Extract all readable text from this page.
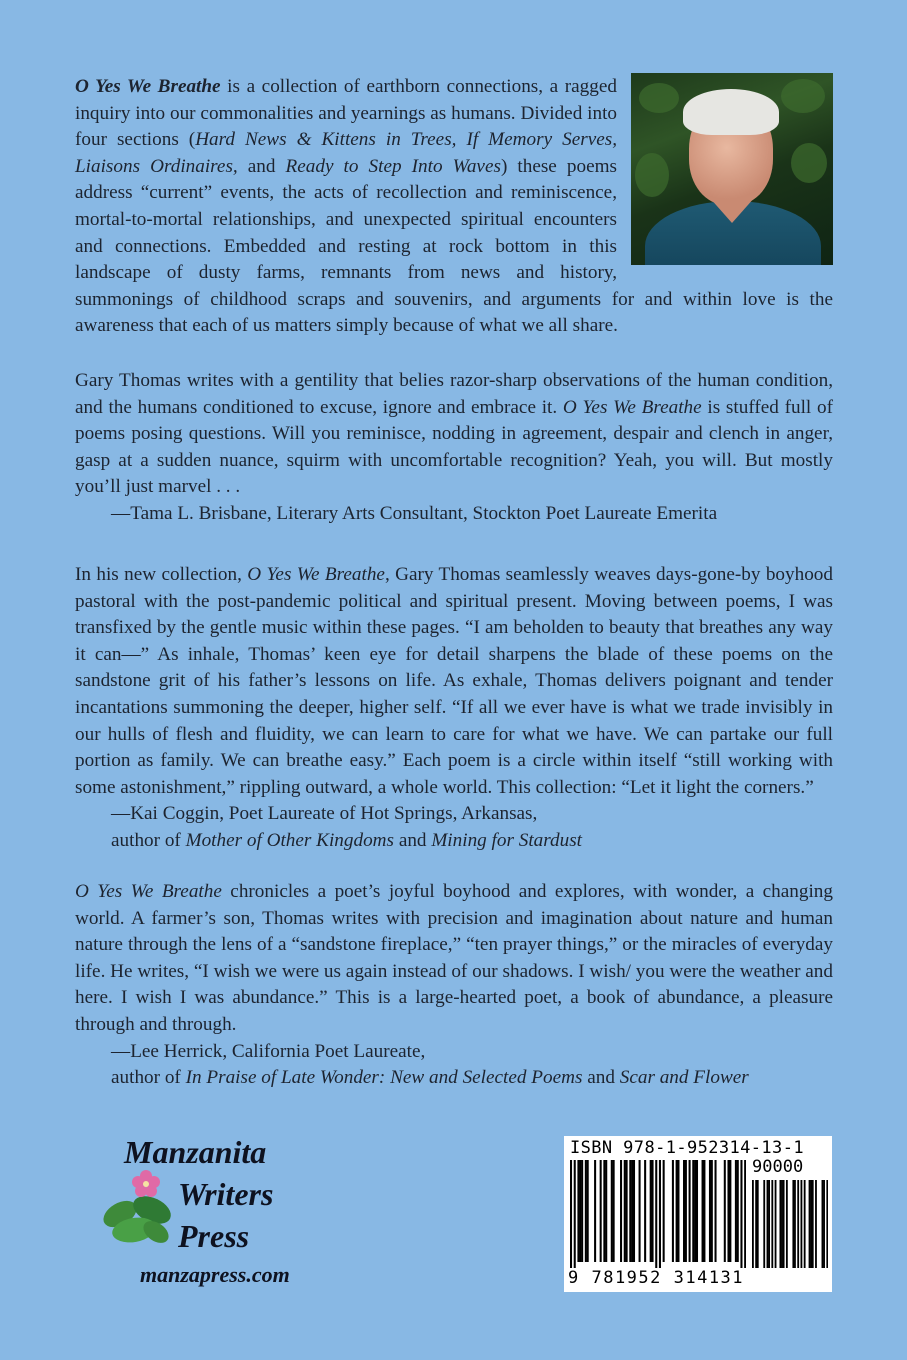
O Yes We Breathe is a collection of earthborn connections, a ragged inquiry into our commonalities and yearnings as humans. Divided into four sections (Hard News & Kittens in Trees, If Memory Serves, Liaisons Ordinaires, and Ready to Step Into Waves) these poems address “current” events, the acts of recollection and reminiscence, mortal-to-mortal relationships, and unexpected spiritual encounters and connections. Embedded and resting at rock bottom in this landscape of dusty farms, remnants from news and history, summonings of childhood scraps and souvenirs, and arguments for and within love is the awareness that each of us matters simply because of what we all share.

Gary Thomas writes with a gentility that belies razor-sharp observations of the human condition, and the humans conditioned to excuse, ignore and embrace it. O Yes We Breathe is stuffed full of poems posing questions. Will you reminisce, nodding in agreement, despair and clench in anger, gasp at a sudden nuance, squirm with uncomfortable recognition? Yeah, you will. But mostly you’ll just marvel . . .

—Tama L. Brisbane, Literary Arts Consultant, Stockton Poet Laureate Emerita

In his new collection, O Yes We Breathe, Gary Thomas seamlessly weaves days-gone-by boyhood pastoral with the post-pandemic political and spiritual present. Moving between poems, I was transfixed by the gentle music within these pages. “I am beholden to beauty that breathes any way it can—” As inhale, Thomas’ keen eye for detail sharpens the blade of these poems on the sandstone grit of his father’s lessons on life. As exhale, Thomas delivers poignant and tender incantations summoning the deeper, higher self. “If all we ever have is what we trade invisibly in our hulls of flesh and fluidity, we can learn to care for what we have. We can partake our full portion as family. We can breathe easy.” Each poem is a circle within itself “still working with some astonishment,” rippling outward, a whole world. This collection: “Let it light the corners.”

—Kai Coggin, Poet Laureate of Hot Springs, Arkansas,

author of Mother of Other Kingdoms and Mining for Stardust

O Yes We Breathe chronicles a poet’s joyful boyhood and explores, with wonder, a changing world. A farmer’s son, Thomas writes with precision and imagination about nature and human nature through the lens of a “sandstone fireplace,” “ten prayer things,” or the miracles of everyday life. He writes, “I wish we were us again instead of our shadows. I wish/ you were the weather and here. I wish I was abundance.” This is a large-hearted poet, a book of abundance, a pleasure through and through.

—Lee Herrick, California Poet Laureate,

author of In Praise of Late Wonder: New and Selected Poems and Scar and Flower

Manzanita
Writers
Press
manzapress.com
ISBN 978-1-952314-13-1
90000
9 781952 314131
